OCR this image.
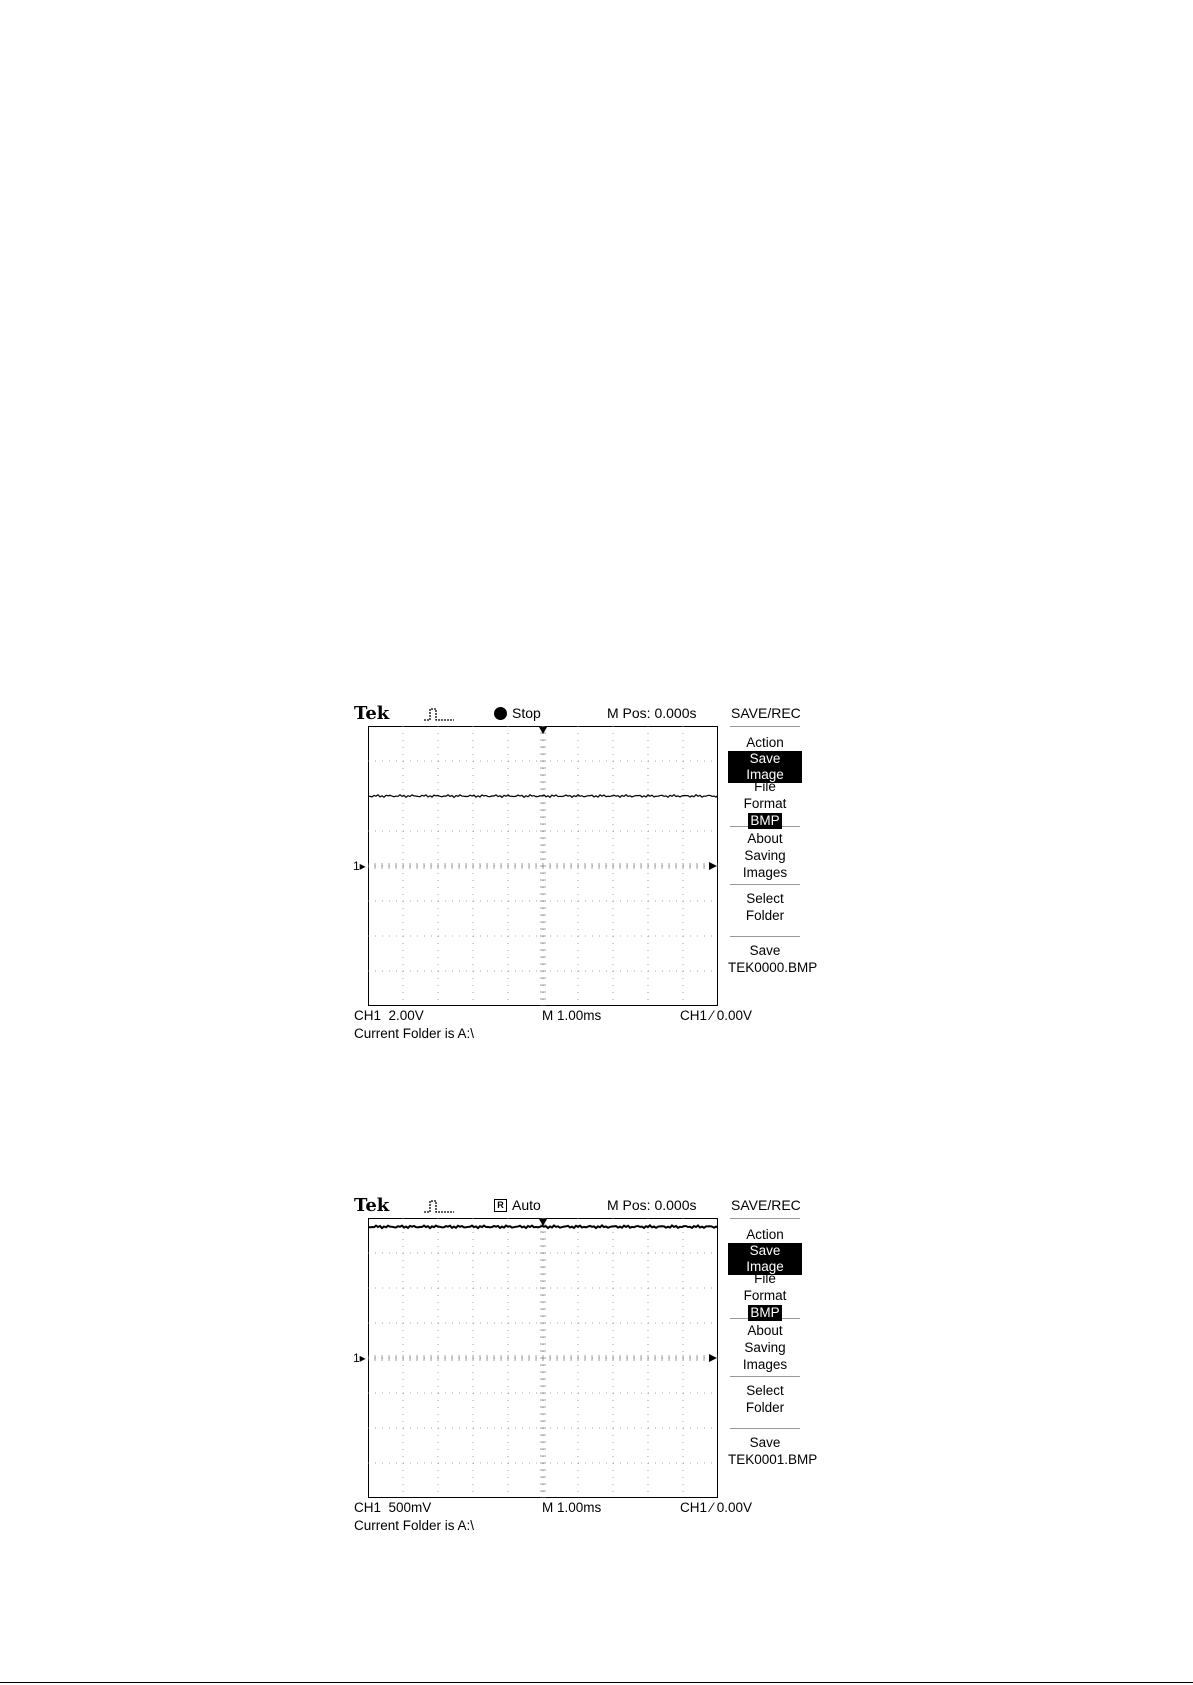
Tek	Stop	M Pos: 0.000s SAVE/REC
1▸
Action
Save Image
File
Format
BMP
About
Saving
Images
Select
Folder
Save
TEK0000.BMP
CH1  2.00V	M 1.00ms	CH1 ⁄ 0.00V
Current Folder is A:\
Tek	R Auto	M Pos: 0.000s SAVE/REC
1▸
Action
Save Image
File
Format
BMP
About
Saving
Images
Select
Folder
Save
TEK0001.BMP
CH1  500mV	M 1.00ms	CH1 ⁄ 0.00V
Current Folder is A:\
